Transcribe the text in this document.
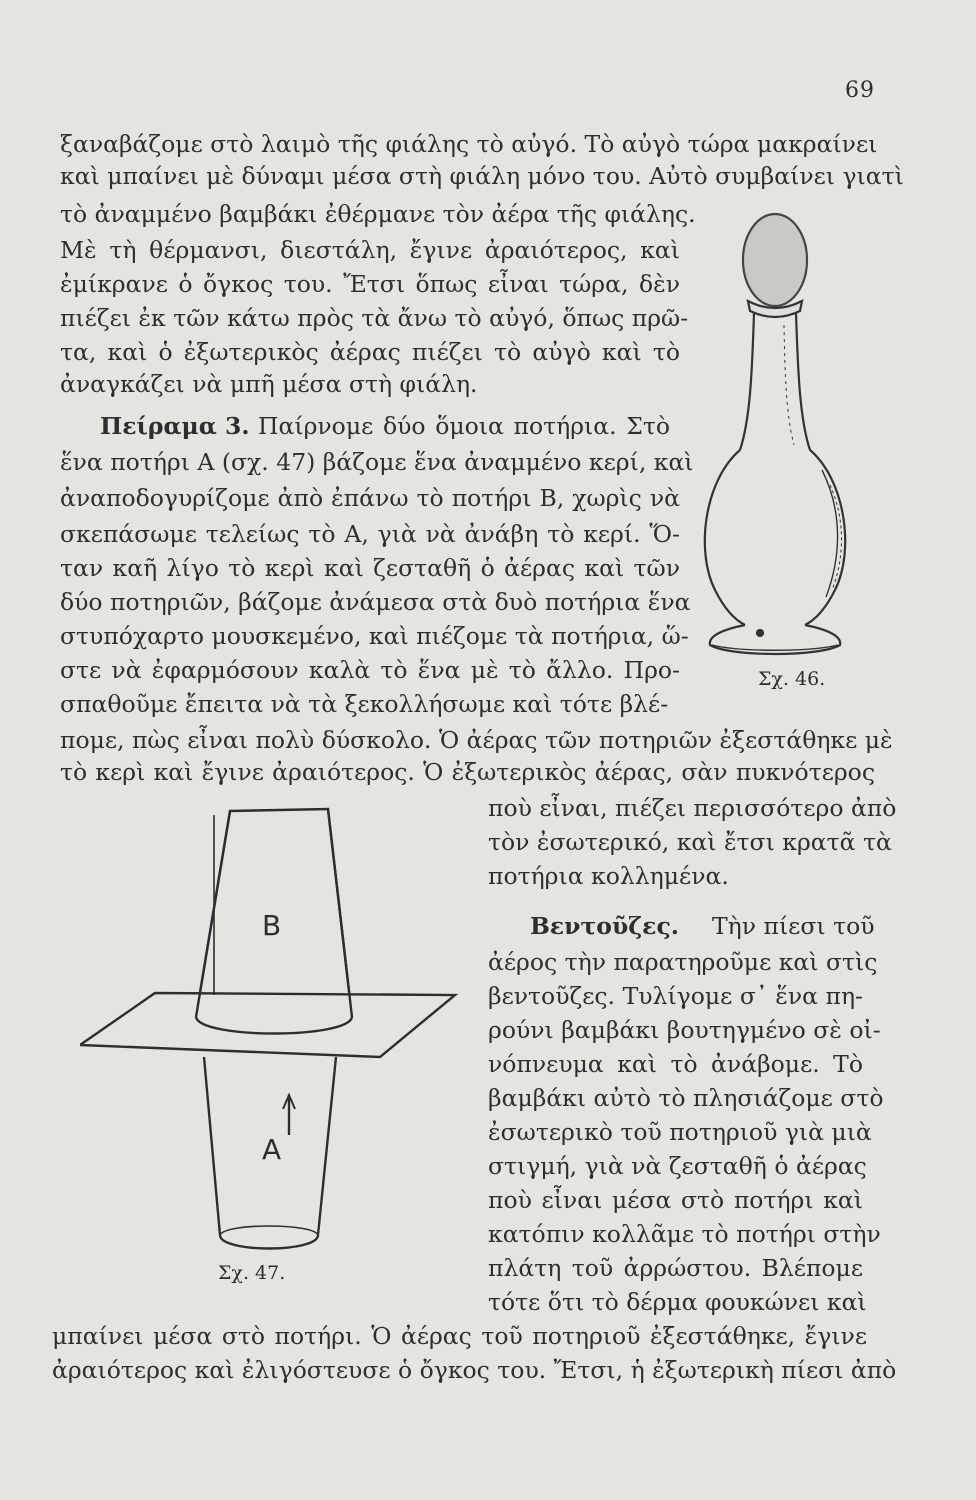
69
ξαναβάζομε στὸ λαιμὸ τῆς φιάλης τὸ αὐγό. Τὸ αὐγὸ τώρα μακραίνει
καὶ μπαίνει μὲ δύναμι μέσα στὴ φιάλη μόνο του. Αὐτὸ συμβαίνει γιατὶ
τὸ ἀναμμένο βαμβάκι ἐθέρμανε τὸν ἀέρα τῆς φιάλης.
Μὲ τὴ θέρμανσι, διεστάλη, ἔγινε ἀραιότερος, καὶ
ἐμίκρανε ὁ ὄγκος του. Ἔτσι ὅπως εἶναι τώρα, δὲν
πιέζει ἐκ τῶν κάτω πρὸς τὰ ἄνω τὸ αὐγό, ὅπως πρῶ-
τα, καὶ ὁ ἐξωτερικὸς ἀέρας πιέζει τὸ αὐγὸ καὶ τὸ
ἀναγκάζει νὰ μπῆ μέσα στὴ φιάλη.
Πείραμα 3. Παίρνομε δύο ὅμοια ποτήρια. Στὸ
ἕνα ποτήρι Α (σχ. 47) βάζομε ἕνα ἀναμμένο κερί, καὶ
ἀναποδογυρίζομε ἀπὸ ἐπάνω τὸ ποτήρι Β, χωρὶς νὰ
σκεπάσωμε τελείως τὸ Α, γιὰ νὰ ἀνάβη τὸ κερί. Ὅ-
ταν καῆ λίγο τὸ κερὶ καὶ ζεσταθῆ ὁ ἀέρας καὶ τῶν
δύο ποτηριῶν, βάζομε ἀνάμεσα στὰ δυὸ ποτήρια ἕνα
στυπόχαρτο μουσκεμένο, καὶ πιέζομε τὰ ποτήρια, ὥ-
στε νὰ ἐφαρμόσουν καλὰ τὸ ἕνα μὲ τὸ ἄλλο. Προ-
σπαθοῦμε ἔπειτα νὰ τὰ ξεκολλήσωμε καὶ τότε βλέ-
πομε, πὼς εἶναι πολὺ δύσκολο. Ὁ ἀέρας τῶν ποτηριῶν ἐξεστάθηκε μὲ
τὸ κερὶ καὶ ἔγινε ἀραιότερος. Ὁ ἐξωτερικὸς ἀέρας, σὰν πυκνότερος
ποὺ εἶναι, πιέζει περισσότερο ἀπὸ
τὸν ἐσωτερικό, καὶ ἔτσι κρατᾶ τὰ
ποτήρια κολλημένα.
Βεντοῦζες. Τὴν πίεσι τοῦ
ἀέρος τὴν παρατηροῦμε καὶ στὶς
βεντοῦζες. Τυλίγομε σ᾽ ἕνα πη-
ρούνι βαμβάκι βουτηγμένο σὲ οἰ-
νόπνευμα καὶ τὸ ἀνάβομε. Τὸ
βαμβάκι αὐτὸ τὸ πλησιάζομε στὸ
ἐσωτερικὸ τοῦ ποτηριοῦ γιὰ μιὰ
στιγμή, γιὰ νὰ ζεσταθῆ ὁ ἀέρας
ποὺ εἶναι μέσα στὸ ποτήρι καὶ
κατόπιν κολλᾶμε τὸ ποτήρι στὴν
πλάτη τοῦ ἀρρώστου. Βλέπομε
τότε ὅτι τὸ δέρμα φουκώνει καὶ
μπαίνει μέσα στὸ ποτήρι. Ὁ ἀέρας τοῦ ποτηριοῦ ἐξεστάθηκε, ἔγινε
ἀραιότερος καὶ ἐλιγόστευσε ὁ ὄγκος του. Ἔτσι, ἡ ἐξωτερικὴ πίεσι ἀπὸ
Σχ. 46.
Β
Α
Σχ. 47.
